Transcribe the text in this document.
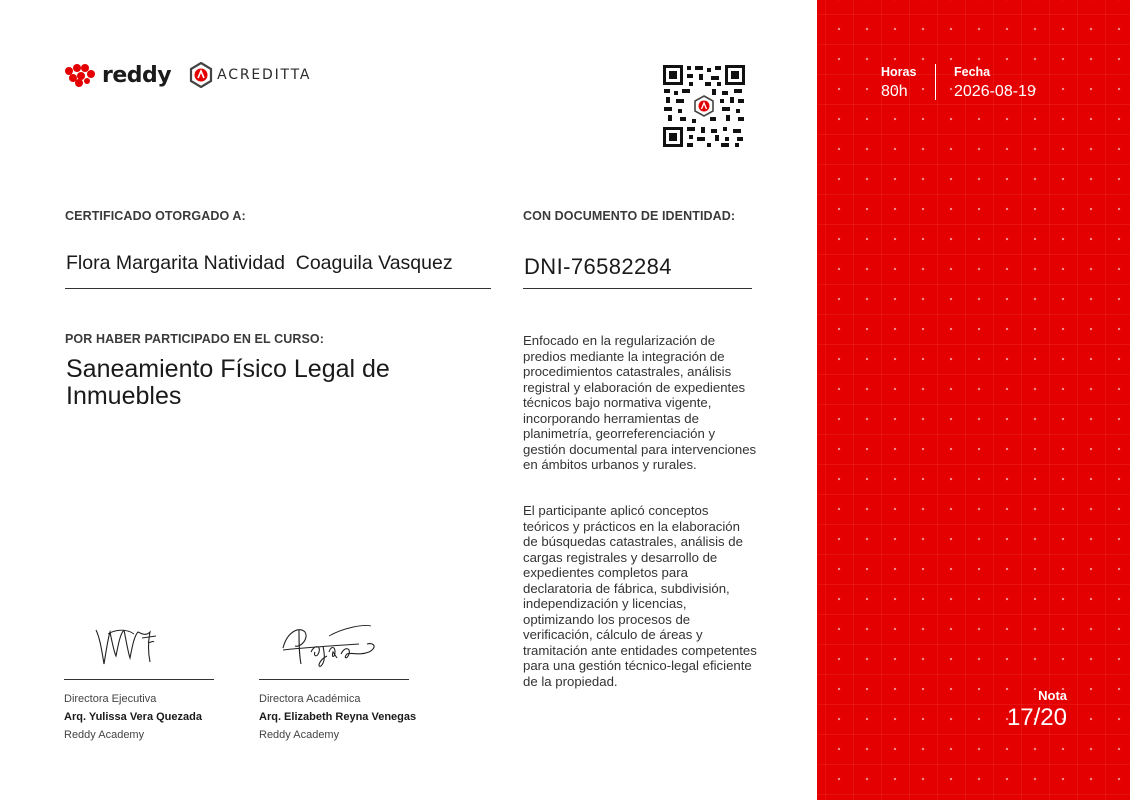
reddy	ACREDITTA
CERTIFICADO OTORGADO A:
Flora Margarita Natividad  Coaguila Vasquez
CON DOCUMENTO DE IDENTIDAD:
DNI-76582284
POR HABER PARTICIPADO EN EL CURSO:
Saneamiento Físico Legal de Inmuebles
Enfocado en la regularización de predios mediante la integración de procedimientos catastrales, análisis registral y elaboración de expedientes técnicos bajo normativa vigente, incorporando herramientas de planimetría, georreferenciación y gestión documental para intervenciones en ámbitos urbanos y rurales.
El participante aplicó conceptos teóricos y prácticos en la elaboración de búsquedas catastrales, análisis de cargas registrales y desarrollo de expedientes completos para declaratoria de fábrica, subdivisión, independización y licencias, optimizando los procesos de verificación, cálculo de áreas y tramitación ante entidades competentes para una gestión técnico-legal eficiente de la propiedad.
Directora Ejecutiva
Arq. Yulissa Vera Quezada
Reddy Academy
Directora Académica
Arq. Elizabeth Reyna Venegas
Reddy Academy
Horas
80h
Fecha
2026-08-19
Nota
17/20
